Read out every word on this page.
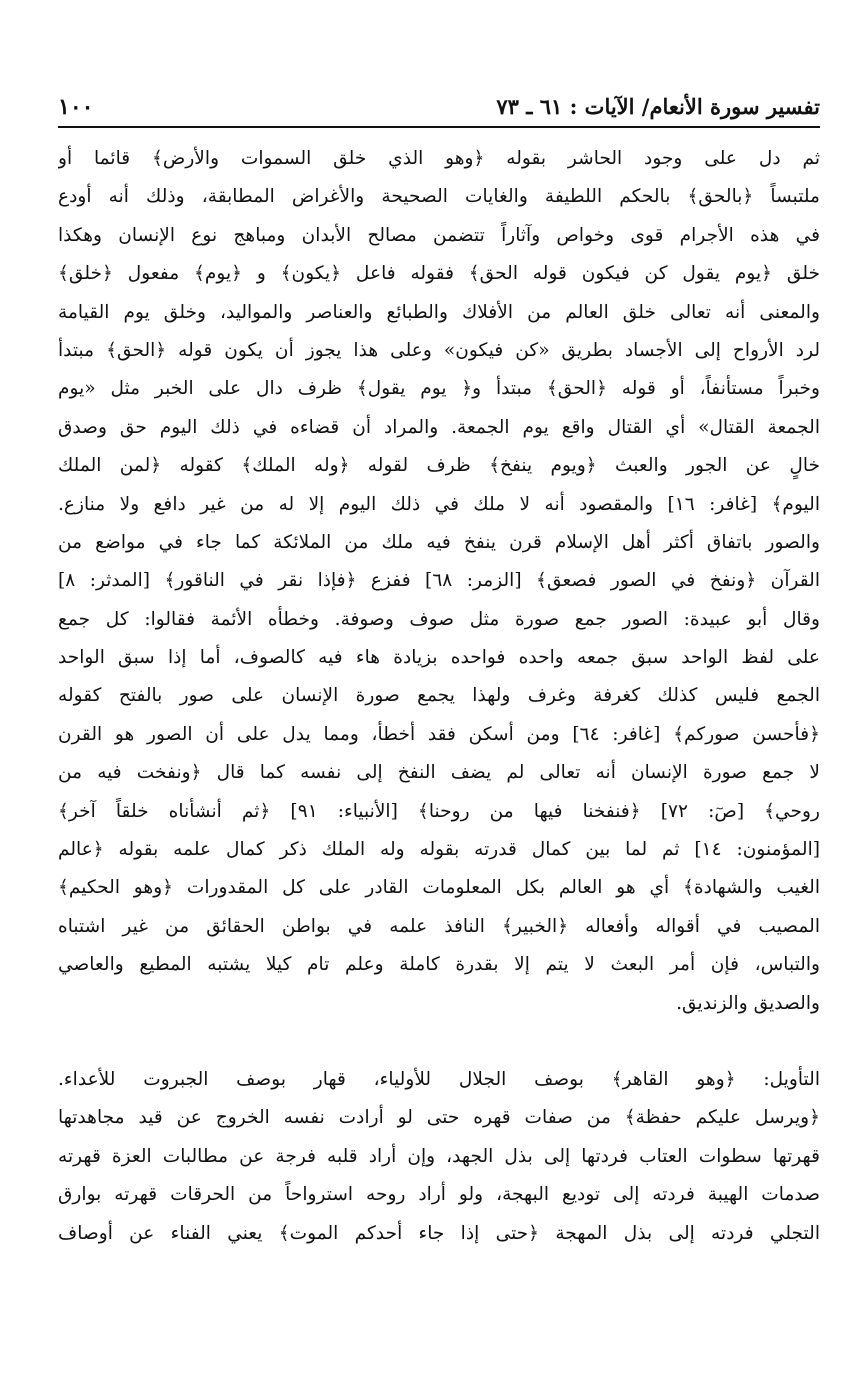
تفسير سورة الأنعام/ الآيات : ٦١ ـ ٧٣
١٠٠
ثم دل على وجود الحاشر بقوله ﴿وهو الذي خلق السموات والأرض﴾ قائما أو
ملتبساً ﴿بالحق﴾ بالحكم اللطيفة والغايات الصحيحة والأغراض المطابقة، وذلك أنه أودع
في هذه الأجرام قوى وخواص وآثاراً تتضمن مصالح الأبدان ومباهج نوع الإنسان وهكذا
خلق ﴿يوم يقول كن فيكون قوله الحق﴾ فقوله فاعل ﴿يكون﴾ و ﴿يوم﴾ مفعول ﴿خلق﴾
والمعنى أنه تعالى خلق العالم من الأفلاك والطبائع والعناصر والمواليد، وخلق يوم القيامة
لرد الأرواح إلى الأجساد بطريق «كن فيكون» وعلى هذا يجوز أن يكون قوله ﴿الحق﴾ مبتدأ
وخبراً مستأنفاً، أو قوله ﴿الحق﴾ مبتدأ و﴿ يوم يقول﴾ ظرف دال على الخبر مثل «يوم
الجمعة القتال» أي القتال واقع يوم الجمعة. والمراد أن قضاءه في ذلك اليوم حق وصدق
خالٍ عن الجور والعبث ﴿ويوم ينفخ﴾ ظرف لقوله ﴿وله الملك﴾ كقوله ﴿لمن الملك
اليوم﴾ [غافر: ١٦] والمقصود أنه لا ملك في ذلك اليوم إلا له من غير دافع ولا منازع.
والصور باتفاق أكثر أهل الإسلام قرن ينفخ فيه ملك من الملائكة كما جاء في مواضع من
القرآن ﴿ونفخ في الصور فصعق﴾ [الزمر: ٦٨] ففزع ﴿فإذا نقر في الناقور﴾ [المدثر: ٨]
وقال أبو عبيدة: الصور جمع صورة مثل صوف وصوفة. وخطأه الأئمة فقالوا: كل جمع
على لفظ الواحد سبق جمعه واحده فواحده بزيادة هاء فيه كالصوف، أما إذا سبق الواحد
الجمع فليس كذلك كغرفة وغرف ولهذا يجمع صورة الإنسان على صور بالفتح كقوله
﴿فأحسن صوركم﴾ [غافر: ٦٤] ومن أسكن فقد أخطأ، ومما يدل على أن الصور هو القرن
لا جمع صورة الإنسان أنه تعالى لم يضف النفخ إلى نفسه كما قال ﴿ونفخت فيه من
روحي﴾ [صٓ: ٧٢] ﴿فنفخنا فيها من روحنا﴾ [الأنبياء: ٩١] ﴿ثم أنشأناه خلقاً آخر﴾
[المؤمنون: ١٤] ثم لما بين كمال قدرته بقوله وله الملك ذكر كمال علمه بقوله ﴿عالم
الغيب والشهادة﴾ أي هو العالم بكل المعلومات القادر على كل المقدورات ﴿وهو الحكيم﴾
المصيب في أقواله وأفعاله ﴿الخبير﴾ النافذ علمه في بواطن الحقائق من غير اشتباه
والتباس، فإن أمر البعث لا يتم إلا بقدرة كاملة وعلم تام كيلا يشتبه المطيع والعاصي
والصديق والزنديق.
التأويل: ﴿وهو القاهر﴾ بوصف الجلال للأولياء، قهار بوصف الجبروت للأعداء.
﴿ويرسل عليكم حفظة﴾ من صفات قهره حتى لو أرادت نفسه الخروج عن قيد مجاهدتها
قهرتها سطوات العتاب فردتها إلى بذل الجهد، وإن أراد قلبه فرجة عن مطالبات العزة قهرته
صدمات الهيبة فردته إلى توديع البهجة، ولو أراد روحه استرواحاً من الحرقات قهرته بوارق
التجلي فردته إلى بذل المهجة ﴿حتى إذا جاء أحدكم الموت﴾ يعني الفناء عن أوصاف
